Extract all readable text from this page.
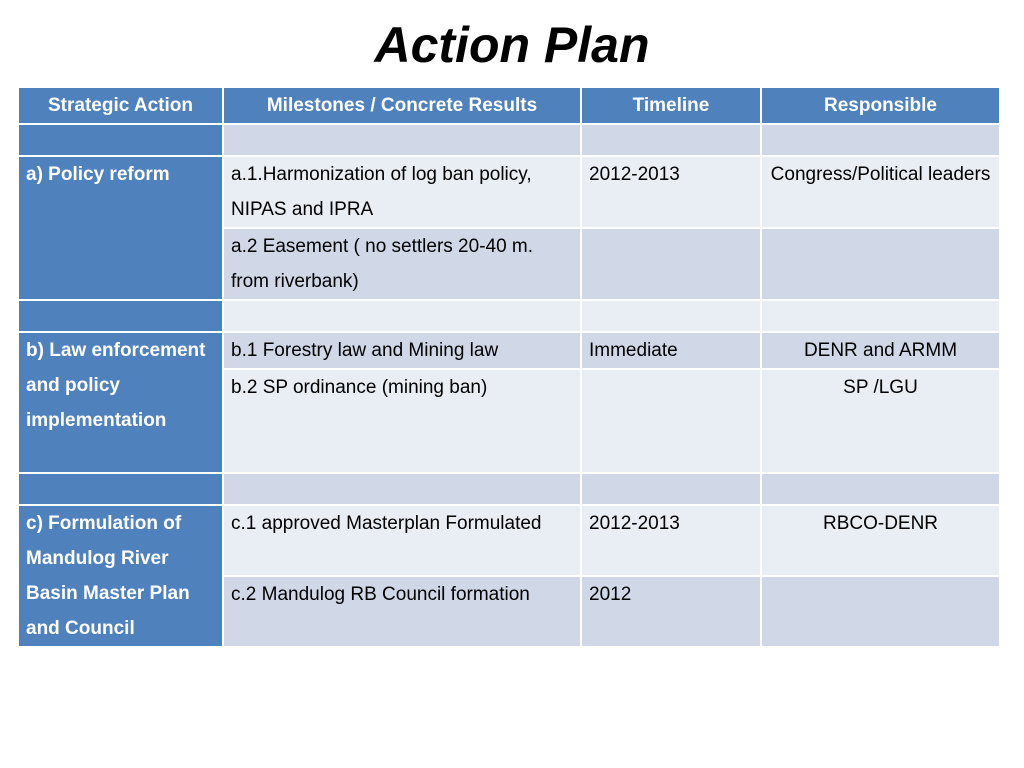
Action Plan
Strategic Action	Milestones / Concrete Results	Timeline	Responsible

a) Policy reform	a.1.Harmonization of log ban policy, NIPAS and IPRA	2012-2013	Congress/Political leaders
	a.2 Easement ( no settlers 20-40 m. from riverbank)		

b) Law enforcement and policy implementation	b.1 Forestry law and Mining law	Immediate	DENR and ARMM
	b.2 SP ordinance (mining ban)		SP /LGU

c) Formulation of Mandulog River Basin Master Plan and Council	c.1 approved Masterplan Formulated	2012-2013	RBCO-DENR
	c.2 Mandulog RB Council formation	2012	
